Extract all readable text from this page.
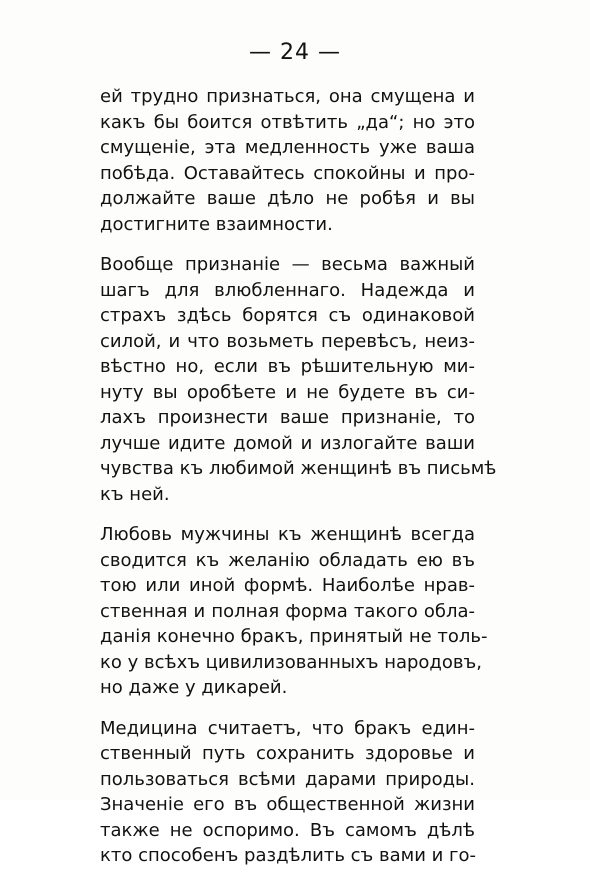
— 24 —
ей трудно признаться, она смущена и
какъ бы боится отвѣтить „да“; но это
смущеніе, эта медленность уже ваша
побѣда. Оставайтесь спокойны и про-
должайте ваше дѣло не робѣя и вы
достигните взаимности.
Вообще признаніе — весьма важный
шагъ для влюбленнаго. Надежда и
страхъ здѣсь борятся съ одинаковой
силой, и что возьметь перевѣсъ, неиз-
вѣстно но, если въ рѣшительную ми-
нуту вы оробѣете и не будете въ си-
лахъ произнести ваше признаніе, то
лучше идите домой и излогайте ваши
чувства къ любимой женщинѣ въ письмѣ
къ ней.
Любовь мужчины къ женщинѣ всегда
сводится къ желанію обладать ею въ
тою или иной формѣ. Наиболѣе нрав-
ственная и полная форма такого обла-
данія конечно бракъ, принятый не толь-
ко у всѣхъ цивилизованныхъ народовъ,
но даже у дикарей.
Медицина считаетъ, что бракъ един-
ственный путь сохранить здоровье и
пользоваться всѣми дарами природы.
Значеніе его въ общественной жизни
также не оспоримо. Въ самомъ дѣлѣ
кто способенъ раздѣлить съ вами и го-
